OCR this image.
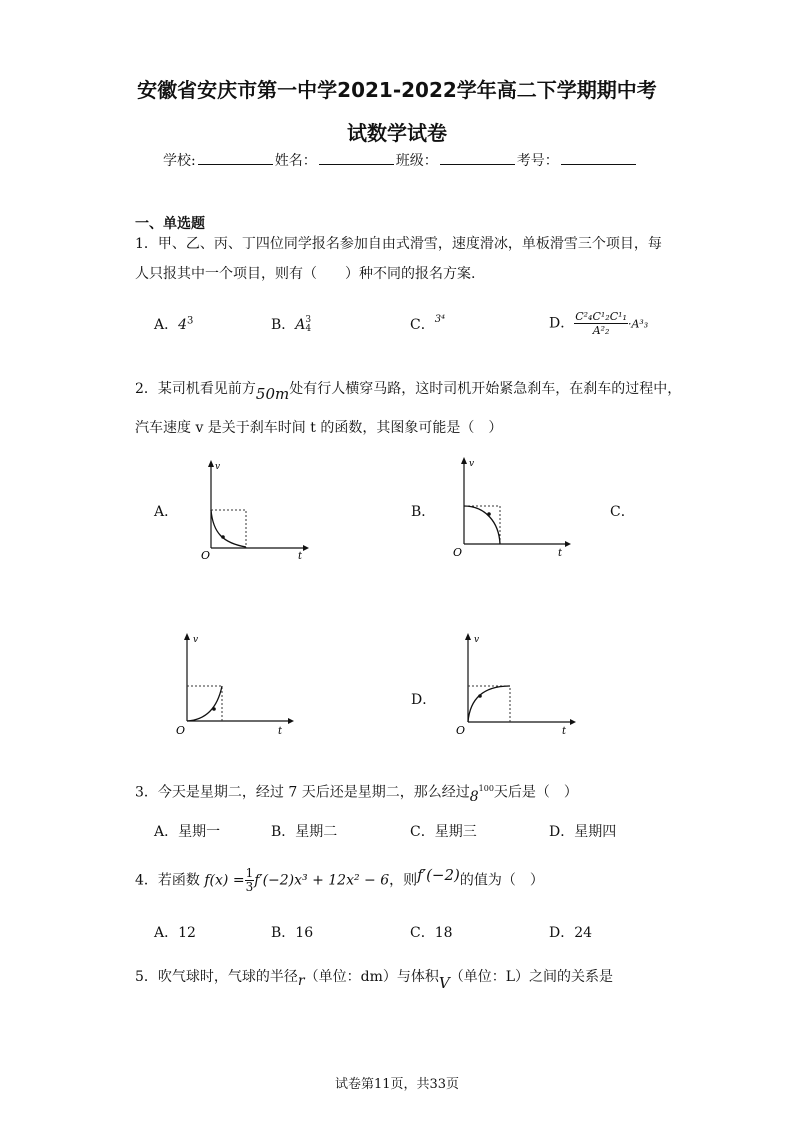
安徽省安庆市第一中学2021-2022学年高二下学期期中考
试数学试卷
学校:	姓名：	班级：	考号：
一、单选题
1．甲、乙、丙、丁四位同学报名参加自由式滑雪，速度滑冰，单板滑雪三个项目，每
人只报其中一个项目，则有（　　）种不同的报名方案.
A．$4^3$	B．A 3
4	C．$^{3^4}$	D． $\frac{\text{C²₄C¹₂C¹₁}}{\text{A²₂}} \cdot A^3_3$
2．某司机看见前方50m处有行人横穿马路，这时司机开始紧急刹车，在刹车的过程中，
汽车速度 v 是关于刹车时间 t 的函数，其图象可能是（　）
A．	B．	C．
D．
v
t
O
v
t
O
v
t
O
v
t
O
3．今天是星期二，经过 7 天后还是星期二，那么经过$8^{100}$天后是（　）
A．星期一	B．星期二	C．星期三	D．星期四
4．若函数 $f(x) = \frac{1}{3} f'(-2)x^3 + 12x^2 - 6$，则f′(−2)的值为（　）
A．12	B．16	C．18	D．24
5．吹气球时，气球的半径r（单位：dm）与体积V（单位：L）之间的关系是
试卷第11页，共33页
